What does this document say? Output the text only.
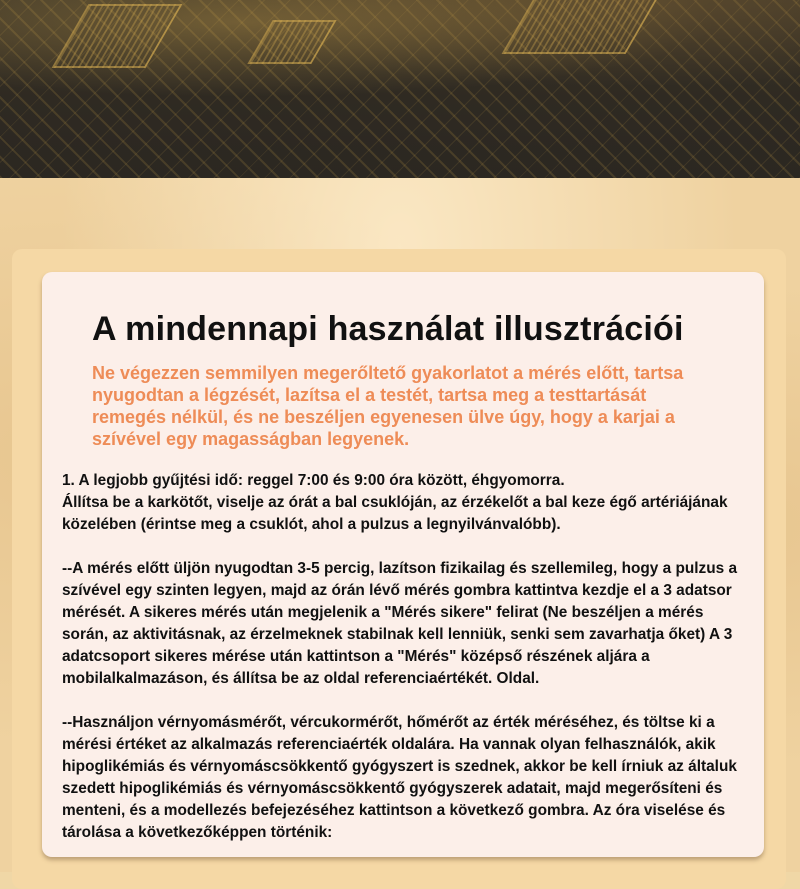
A mindennapi használat illusztrációi
Ne végezzen semmilyen megerőltető gyakorlatot a mérés előtt, tartsa nyugodtan a légzését, lazítsa el a testét, tartsa meg a testtartását remegés nélkül, és ne beszéljen egyenesen ülve úgy, hogy a karjai a szívével egy magasságban legyenek.

1. A legjobb gyűjtési idő: reggel 7:00 és 9:00 óra között, éhgyomorra.

Állítsa be a karkötőt, viselje az órát a bal csuklóján, az érzékelőt a bal keze égő artériájának közelében (érintse meg a csuklót, ahol a pulzus a legnyilvánvalóbb).

--A mérés előtt üljön nyugodtan 3-5 percig, lazítson fizikailag és szellemileg, hogy a pulzus a szívével egy szinten legyen, majd az órán lévő mérés gombra kattintva kezdje el a 3 adatsor mérését. A sikeres mérés után megjelenik a "Mérés sikere" felirat (Ne beszéljen a mérés során, az aktivitásnak, az érzelmeknek stabilnak kell lenniük, senki sem zavarhatja őket) A 3 adatcsoport sikeres mérése után kattintson a "Mérés" középső részének aljára a mobilalkalmazáson, és állítsa be az oldal referenciaértékét. Oldal.

--Használjon vérnyomásmérőt, vércukormérőt, hőmérőt az érték méréséhez, és töltse ki a mérési értéket az alkalmazás referenciaérték oldalára. Ha vannak olyan felhasználók, akik hipoglikémiás és vérnyomáscsökkentő gyógyszert is szednek, akkor be kell írniuk az általuk szedett hipoglikémiás és vérnyomáscsökkentő gyógyszerek adatait, majd megerősíteni és menteni, és a modellezés befejezéséhez kattintson a következő gombra. Az óra viselése és tárolása a következőképpen történik:
